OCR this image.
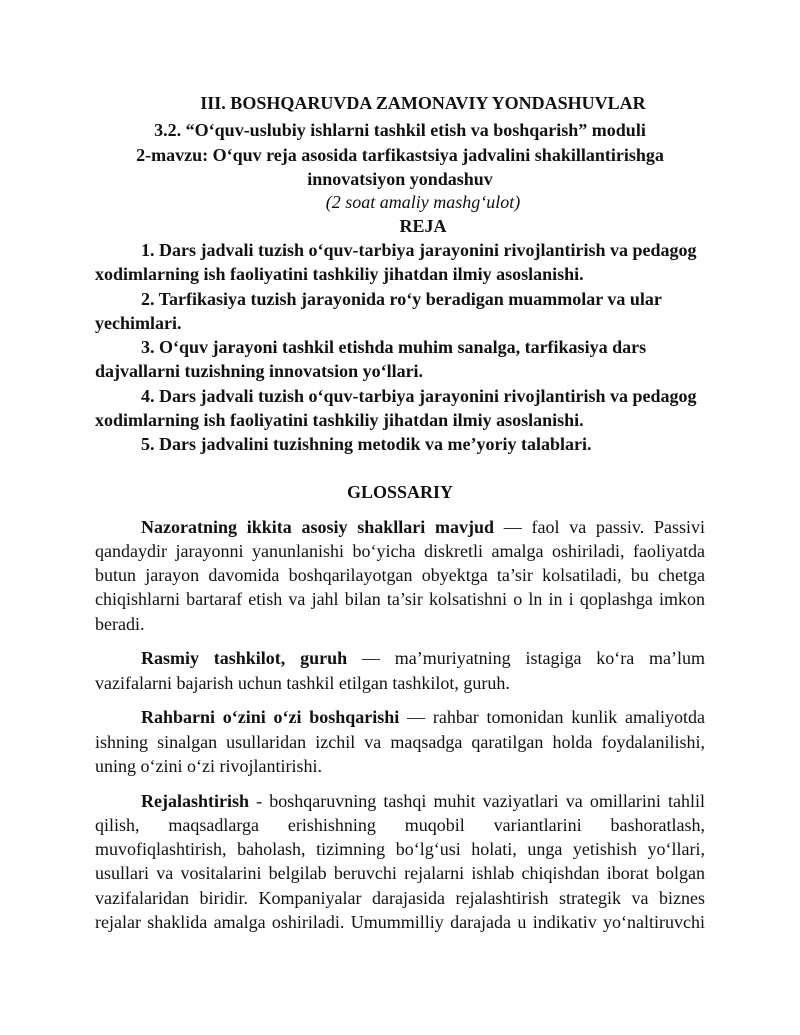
III. BOSHQARUVDA ZAMONAVIY YONDASHUVLAR
3.2. “O‘quv-uslubiy ishlarni tashkil etish va boshqarish” moduli
2-mavzu: O‘quv reja asosida tarfikastsiya jadvalini shakillantirishga
innovatsiyon yondashuv
(2 soat amaliy mashg‘ulot)
REJA
1. Dars jadvali tuzish o‘quv-tarbiya jarayonini rivojlantirish va pedagog
xodimlarning ish faoliyatini tashkiliy jihatdan ilmiy asoslanishi.
2. Tarfikasiya tuzish jarayonida ro‘y beradigan muammolar va ular
yechimlari.
3. O‘quv jarayoni tashkil etishda muhim sanalga, tarfikasiya dars
dajvallarni tuzishning innovatsion yo‘llari.
4. Dars jadvali tuzish o‘quv-tarbiya jarayonini rivojlantirish va pedagog
xodimlarning ish faoliyatini tashkiliy jihatdan ilmiy asoslanishi.
5. Dars jadvalini tuzishning metodik va me’yoriy talablari.
GLOSSARIY
Nazoratning ikkita asosiy shakllari mavjud — faol va passiv. Passivi
qandaydir jarayonni yanunlanishi bo‘yicha diskretli amalga oshiriladi, faoliyatda
butun jarayon davomida boshqarilayotgan obyektga ta’sir kolsatiladi, bu chetga
chiqishlarni bartaraf etish va jahl bilan ta’sir kolsatishni o ln in i qoplashga imkon
beradi.
Rasmiy tashkilot, guruh — ma’muriyatning istagiga ko‘ra ma’lum
vazifalarni bajarish uchun tashkil etilgan tashkilot, guruh.
Rahbarni o‘zini o‘zi boshqarishi — rahbar tomonidan kunlik amaliyotda
ishning sinalgan usullaridan izchil va maqsadga qaratilgan holda foydalanilishi,
uning o‘zini o‘zi rivojlantirishi.
Rejalashtirish - boshqaruvning tashqi muhit vaziyatlari va omillarini tahlil
qilish, maqsadlarga erishishning muqobil variantlarini bashoratlash,
muvofiqlashtirish, baholash, tizimning bo‘lg‘usi holati, unga yetishish yo‘llari,
usullari va vositalarini belgilab beruvchi rejalarni ishlab chiqishdan iborat bolgan
vazifalaridan biridir. Kompaniyalar darajasida rejalashtirish strategik va biznes
rejalar shaklida amalga oshiriladi. Umummilliy darajada u indikativ yo‘naltiruvchi
